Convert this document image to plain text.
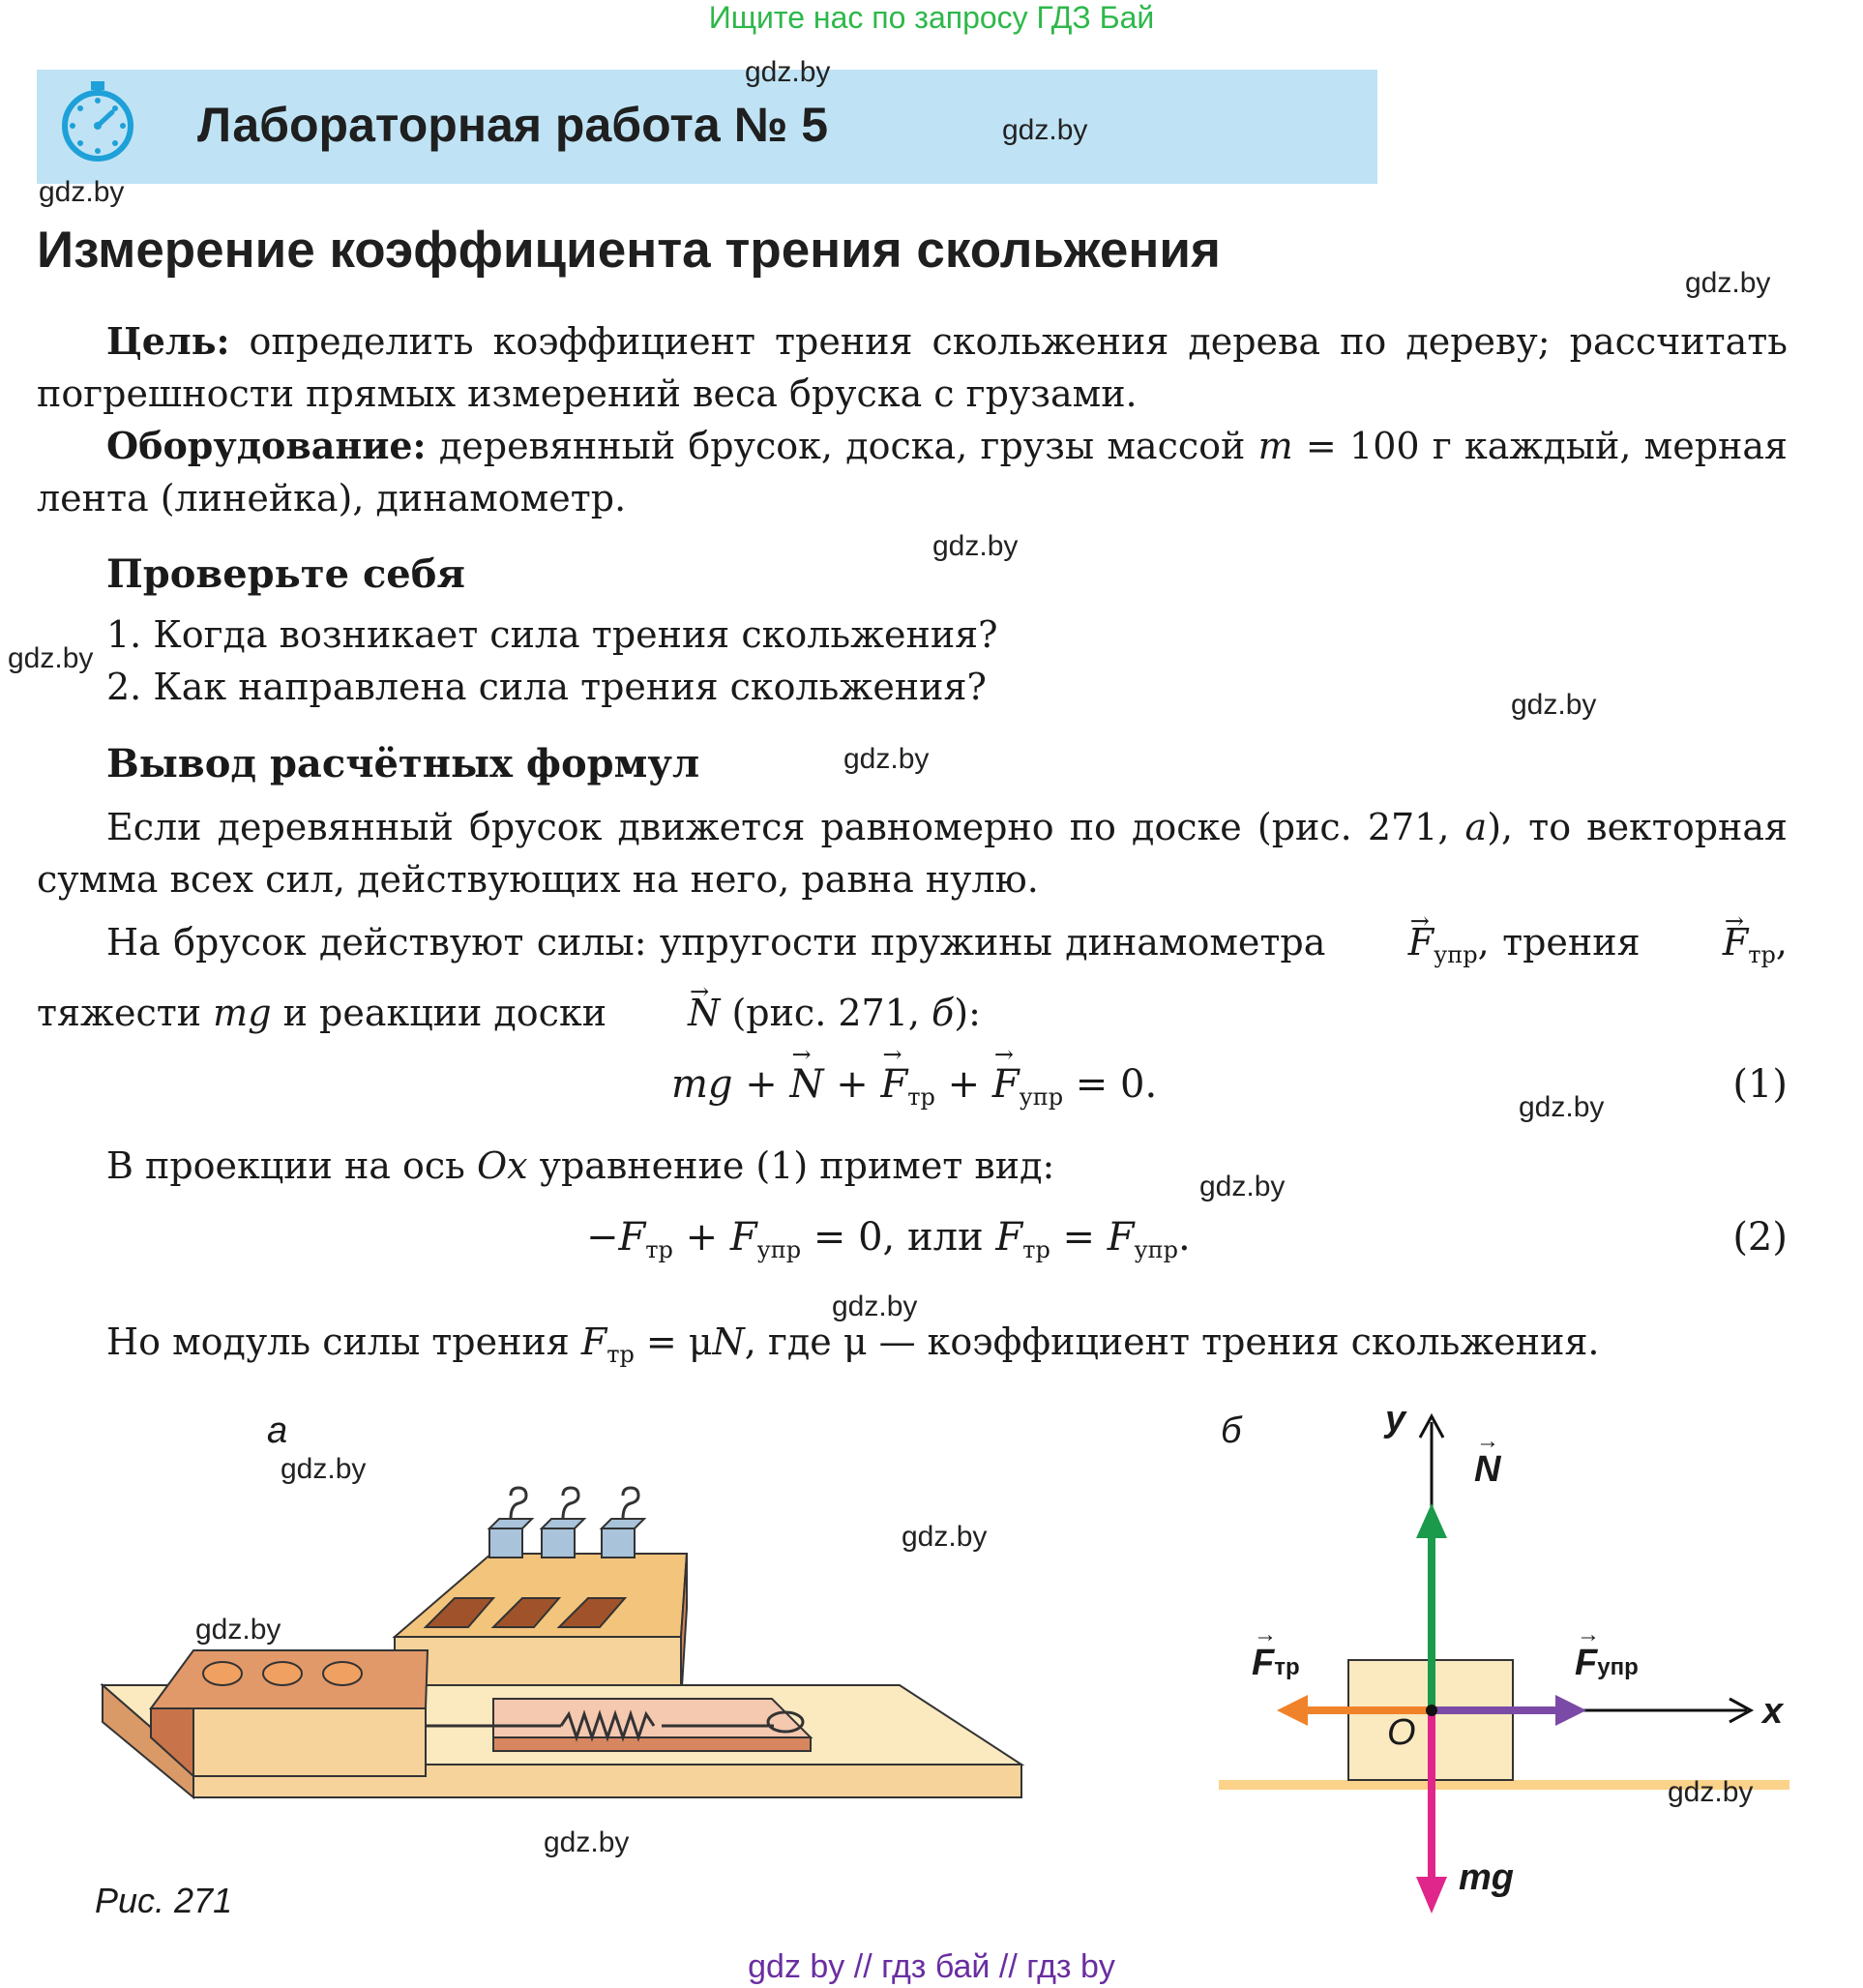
Ищите нас по запросу ГДЗ Бай
Лабораторная работа № 5
Измерение коэффициента трения скольжения
Цель: определить коэффициент трения скольжения дерева по дереву; рассчитать погрешности прямых измерений веса бруска с грузами.
Оборудование: деревянный брусок, доска, грузы массой m = 100 г каждый, мерная лента (линейка), динамометр.
Проверьте себя
1. Когда возникает сила трения скольжения?
2. Как направлена сила трения скольжения?
Вывод расчётных формул
Если деревянный брусок движется равномерно по доске (рис. 271, а), то векторная сумма всех сил, действующих на него, равна нулю.
На брусок действуют силы: упругости пружины динамометра → $F_{упр}$, трения → $F_{тр}$, тяжести mg и реакции доски → N (рис. 271, б):
mg + → N + → $F_{тр}$ + → $F_{упр} = 0$.	(1)
В проекции на ось Ox уравнение (1) примет вид:
$-F_{тр} + F_{упр} = 0$, или $F_{тр} = F_{упр}$.	(2)
Но модуль силы трения $F_{тр} = \mu N$, где μ — коэффициент трения скольжения.
а	б	y
x
O
→ N
→ Fтр
→	Fупр
mg
Рис. 271
gdz.by
gdz.by
gdz.by
gdz.by
gdz.by
gdz.by
gdz.by
gdz.by
gdz.by
gdz.by
gdz.by
gdz.by
gdz.by
gdz.by
gdz.by
gdz.by
gdz by // гдз бай // гдз by
